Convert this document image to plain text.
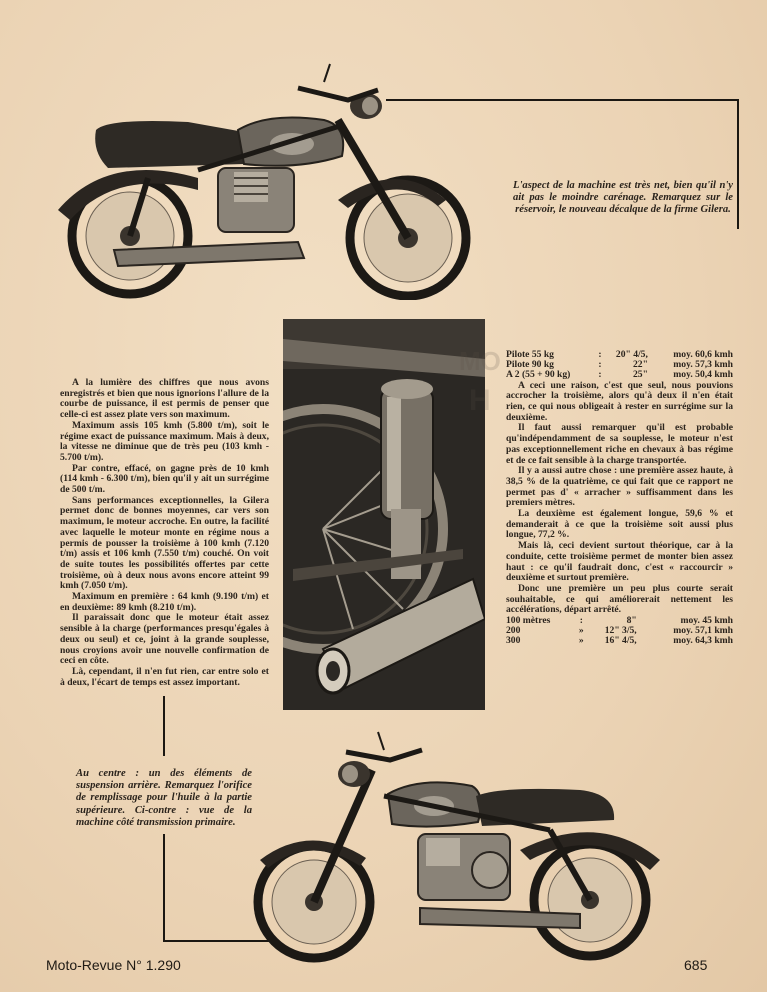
L'aspect de la machine est très net, bien qu'il n'y ait pas le moindre carénage. Remarquez sur le réservoir, le nouveau décalque de la firme Gilera.
MO
H

A la lumière des chiffres que nous avons enregistrés et bien que nous ignorions l'allure de la courbe de puissance, il est permis de penser que celle-ci est assez plate vers son maximum.

Maximum assis 105 kmh (5.800 t/m), soit le régime exact de puissance maximum. Mais à deux, la vitesse ne diminue que de très peu (103 kmh - 5.700 t/m).

Par contre, effacé, on gagne près de 10 kmh (114 kmh - 6.300 t/m), bien qu'il y ait un surrégime de 500 t/m.

Sans performances exceptionnelles, la Gilera permet donc de bonnes moyennes, car vers son maximum, le moteur accroche. En outre, la facilité avec laquelle le moteur monte en régime nous a permis de pousser la troisième à 100 kmh (7.120 t/m) assis et 106 kmh (7.550 t/m) couché. On voit de suite toutes les possibilités offertes par cette troisième, où à deux nous avons encore atteint 99 kmh (7.050 t/m).

Maximum en première : 64 kmh (9.190 t/m) et en deuxième: 89 kmh (8.210 t/m).

Il paraissait donc que le moteur était assez sensible à la charge (performances presqu'égales à deux ou seul) et ce, joint à la grande souplesse, nous croyions avoir une nouvelle confirmation de ceci en côte.

Là, cependant, il n'en fut rien, car entre solo et à deux, l'écart de temps est assez important.

Pilote 55 kg	:	20" 4/5,	moy. 60,6 kmh
Pilote 90 kg	:	22"	moy. 57,3 kmh
A 2 (55 + 90 kg)	:	25"	moy. 50,4 kmh

A ceci une raison, c'est que seul, nous pouvions accrocher la troisième, alors qu'à deux il n'en était rien, ce qui nous obligeait à rester en surrégime sur la deuxième.

Il faut aussi remarquer qu'il est probable qu'indépendamment de sa souplesse, le moteur n'est pas exceptionnellement riche en chevaux à bas régime et de ce fait sensible à la charge transportée.

Il y a aussi autre chose : une première assez haute, à 38,5 % de la quatrième, ce qui fait que ce rapport ne permet pas d' « arracher » suffisamment dans les premiers mètres.

La deuxième est également longue, 59,6 % et demanderait à ce que la troisième soit aussi plus longue, 77,2 %.

Mais là, ceci devient surtout théorique, car à la conduite, cette troisième permet de monter bien assez haut : ce qu'il faudrait donc, c'est « raccourcir » deuxième et surtout première.

Donc une première un peu plus courte serait souhaitable, ce qui améliorerait nettement les accélérations, départ arrêté.

100 mètres	:	8"	moy. 45 kmh
200	»	12" 3/5,	moy. 57,1 kmh
300	»	16" 4/5,	moy. 64,3 kmh
Au centre : un des éléments de suspension arrière. Remarquez l'orifice de remplissage pour l'huile à la partie supérieure. Ci-contre : vue de la machine côté transmission primaire.
Moto-Revue N° 1.290	685
